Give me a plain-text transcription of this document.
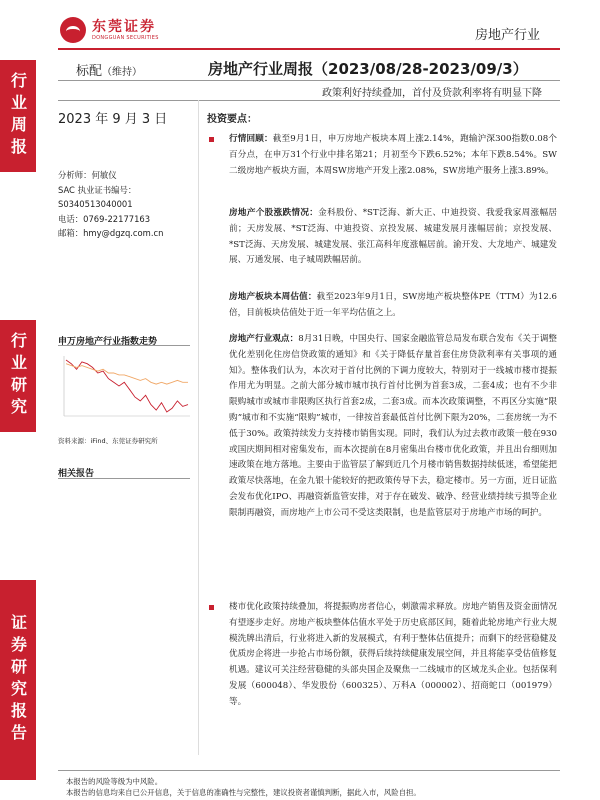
东莞证券
DONGGUAN SECURITIES	房地产行业
行业周报
行业研究
证券研究报告
标配（维持）	房地产行业周报（2023/08/28-2023/09/3）
政策利好持续叠加，首付及贷款利率将有明显下降
2023 年 9 月 3 日
分析师：何敏仪
SAC 执业证书编号：
S0340513040001
电话：0769-22177163
邮箱：hmy@dgzq.com.cn
申万房地产行业指数走势
资料来源：iFind、东莞证券研究所
相关报告
投资要点：

行情回顾：截至9月1日，申万房地产板块本周上涨2.14%，跑输沪深300指数0.08个百分点，在申万31个行业中排名第21；月初至今下跌6.52%；本年下跌8.54%。SW二级房地产板块方面，本周SW房地产开发上涨2.08%，SW房地产服务上涨3.89%。

房地产个股涨跌情况：金科股份、*ST泛海、新大正、中迪投资、我爱我家周涨幅居前；天房发展、*ST泛海、中迪投资、京投发展、城建发展月涨幅居前；京投发展、*ST泛海、天房发展、城建发展、张江高科年度涨幅居前。渝开发、大龙地产、城建发展、万通发展、电子城周跌幅居前。

房地产板块本周估值：截至2023年9月1日，SW房地产板块整体PE（TTM）为12.6倍，目前板块估值处于近一年平均估值之上。

房地产行业观点：8月31日晚，中国央行、国家金融监管总局发布联合发布《关于调整优化差别化住房信贷政策的通知》和《关于降低存量首套住房贷款利率有关事项的通知》。整体我们认为，本次对于首付比例的下调力度较大，特别对于一线城市楼市提振作用尤为明显。之前大部分城市城市执行首付比例为首套3成，二套4成；也有不少非限购城市或城市非限购区执行首套2成，二套3成。而本次政策调整，不再区分实施“限购”城市和不实施“限购”城市，一律按首套最低首付比例下限为20%，二套房统一为不低于30%。政策持续发力支持楼市销售实现。同时，我们认为过去救市政策一般在930或国庆期间相对密集发布，而本次提前在8月密集出台楼市优化政策，并且出台细则加速政策在地方落地。主要由于监管层了解到近几个月楼市销售数据持续低迷，希望能把政策尽快落地，在金九银十能较好的把政策传导下去，稳定楼市。另一方面，近日证监会发布优化IPO、再融资新监管安排，对于存在破发、破净、经营业绩持续亏损等企业限制再融资，而房地产上市公司不受这类限制，也是监管层对于房地产市场的呵护。

楼市优化政策持续叠加，将提振购房者信心，刺激需求释放。房地产销售及资金面情况有望逐步走好。房地产板块整体估值水平处于历史底部区间，随着此轮房地产行业大规模洗牌出清后，行业将进入新的发展模式，有利于整体估值提升；而剩下的经营稳健及优质房企将进一步抢占市场份额，获得后续持续健康发展空间，并且将能享受估值修复机遇。建议可关注经营稳健的头部央国企及聚焦一二线城市的区域龙头企业。包括保利发展（600048）、华发股份（600325）、万科A（000002）、招商蛇口（001979）等。

本报告的风险等级为中风险。
本报告的信息均来自已公开信息，关于信息的准确性与完整性，建议投资者谨慎判断，据此入市，风险自担。
